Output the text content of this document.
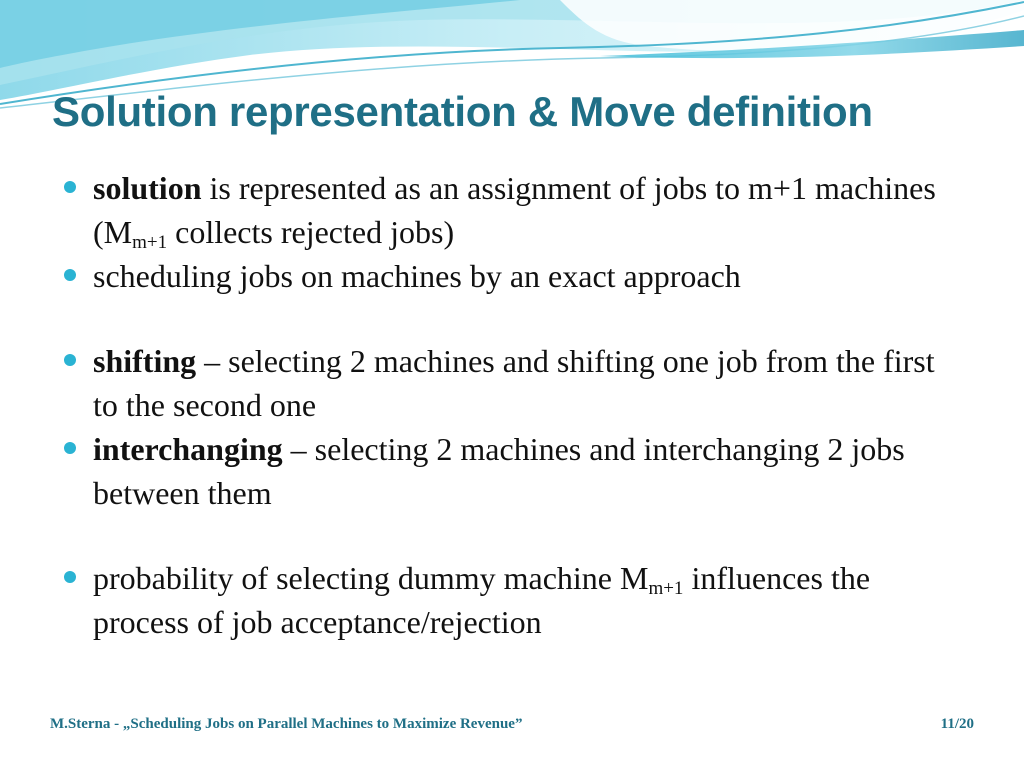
Solution representation & Move definition
solution is represented as an assignment of jobs to m+1 machines ($M_{m+1}$ collects rejected jobs)
scheduling jobs on machines by an exact approach
shifting – selecting 2 machines and shifting one job from the first to the second one
interchanging – selecting 2 machines and interchanging 2 jobs between them
probability of selecting dummy machine $M_{m+1}$ influences the process of job acceptance/rejection
M.Sterna - „Scheduling Jobs on Parallel Machines to Maximize Revenue”	11/20
